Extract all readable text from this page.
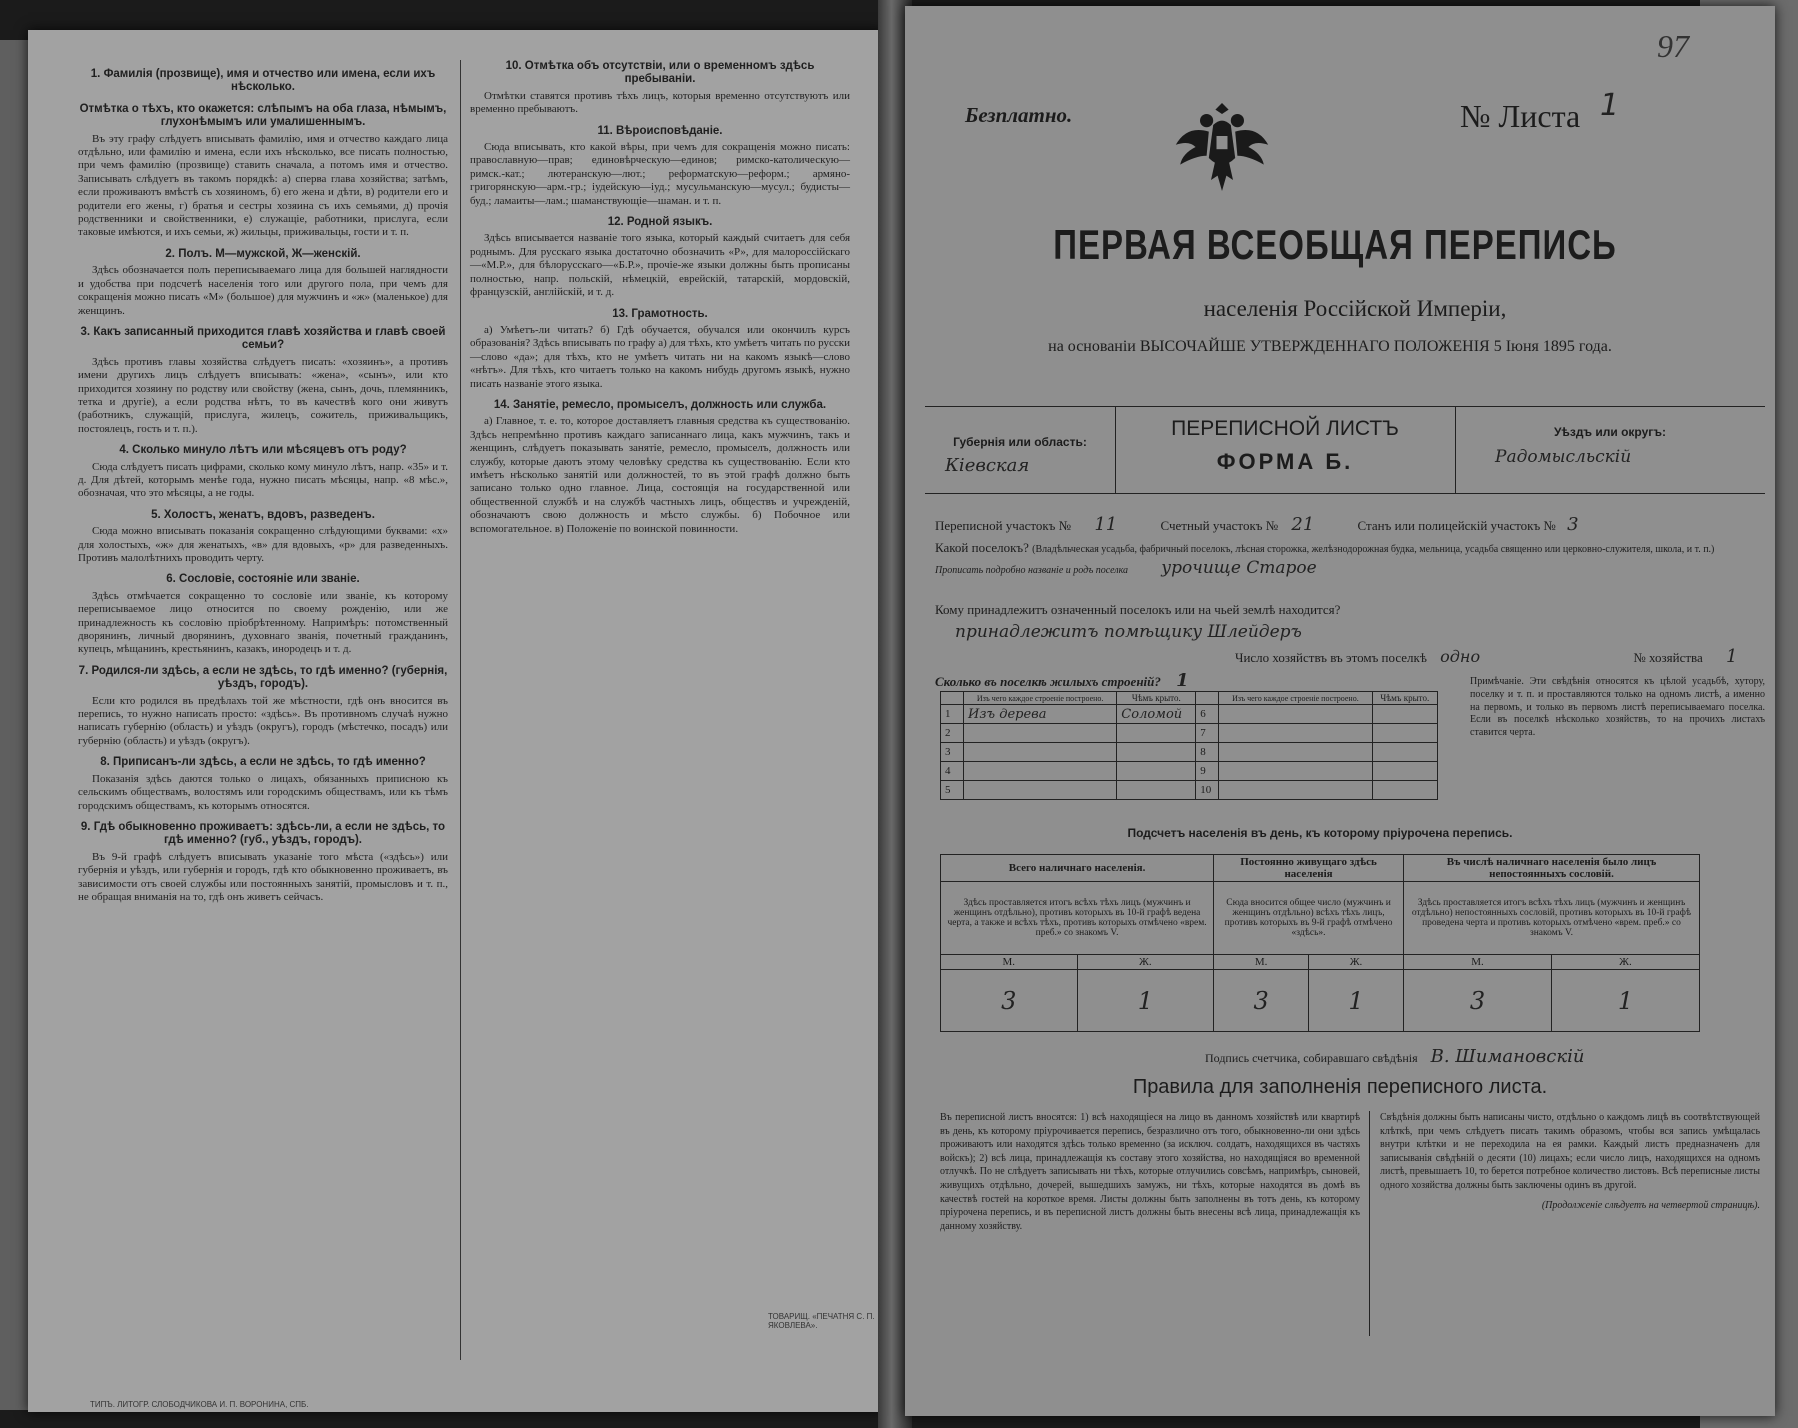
1. Фамилія (прозвище), имя и отчество или имена, если ихъ нѣсколько.
Отмѣтка о тѣхъ, кто окажется: слѣпымъ на оба глаза, нѣмымъ, глухонѣмымъ или умалишеннымъ.

Въ эту графу слѣдуетъ вписывать фамилію, имя и отчество каждаго лица отдѣльно, или фамилію и имена, если ихъ нѣсколько, все писать полностью, при чемъ фамилію (прозвище) ставить сначала, а потомъ имя и отчество. Записывать слѣдуетъ въ такомъ порядкѣ: а) сперва глава хозяйства; затѣмъ, если проживаютъ вмѣстѣ съ хозяиномъ, б) его жена и дѣти, в) родители его и родители его жены, г) братья и сестры хозяина съ ихъ семьями, д) прочія родственники и свойственники, е) служащіе, работники, прислуга, если таковые имѣются, и ихъ семьи, ж) жильцы, приживальцы, гости и т. п.

2. Полъ. М—мужской, Ж—женскій.

Здѣсь обозначается полъ переписываемаго лица для большей наглядности и удобства при подсчетѣ населенія того или другого пола, при чемъ для сокращенія можно писать «М» (большое) для мужчинъ и «ж» (маленькое) для женщинъ.

3. Какъ записанный приходится главѣ хозяйства и главѣ своей семьи?

Здѣсь противъ главы хозяйства слѣдуетъ писать: «хозяинъ», а противъ имени другихъ лицъ слѣдуетъ вписывать: «жена», «сынъ», или кто приходится хозяину по родству или свойству (жена, сынъ, дочь, племянникъ, тетка и другіе), а если родства нѣтъ, то въ качествѣ кого они живутъ (работникъ, служащій, прислуга, жилецъ, сожитель, приживальщикъ, постоялецъ, гость и т. п.).

4. Сколько минуло лѣтъ или мѣсяцевъ отъ роду?

Сюда слѣдуетъ писать цифрами, сколько кому минуло лѣтъ, напр. «35» и т. д. Для дѣтей, которымъ менѣе года, нужно писать мѣсяцы, напр. «8 мѣс.», обозначая, что это мѣсяцы, а не годы.

5. Холостъ, женатъ, вдовъ, разведенъ.

Сюда можно вписывать показанія сокращенно слѣдующими буквами: «х» для холостыхъ, «ж» для женатыхъ, «в» для вдовыхъ, «р» для разведенныхъ. Противъ малолѣтнихъ проводить черту.

6. Сословіе, состояніе или званіе.

Здѣсь отмѣчается сокращенно то сословіе или званіе, къ которому переписываемое лицо относится по своему рожденію, или же принадлежность къ сословію пріобрѣтенному. Напримѣръ: потомственный дворянинъ, личный дворянинъ, духовнаго званія, почетный гражданинъ, купецъ, мѣщанинъ, крестьянинъ, казакъ, инородецъ и т. д.

7. Родился-ли здѣсь, а если не здѣсь, то гдѣ именно? (губернія, уѣздъ, городъ).

Если кто родился въ предѣлахъ той же мѣстности, гдѣ онъ вносится въ перепись, то нужно написать просто: «здѣсь». Въ противномъ случаѣ нужно написать губернію (область) и уѣздъ (округъ), городъ (мѣстечко, посадъ) или губернію (область) и уѣздъ (округъ).

8. Приписанъ-ли здѣсь, а если не здѣсь, то гдѣ именно?

Показанія здѣсь даются только о лицахъ, обязанныхъ приписною къ сельскимъ обществамъ, волостямъ или городскимъ обществамъ, или къ тѣмъ городскимъ обществамъ, къ которымъ относятся.

9. Гдѣ обыкновенно проживаетъ: здѣсь-ли, а если не здѣсь, то гдѣ именно? (губ., уѣздъ, городъ).

Въ 9-й графѣ слѣдуетъ вписывать указаніе того мѣста («здѣсь») или губернія и уѣздъ, или губернія и городъ, гдѣ кто обыкновенно проживаетъ, въ зависимости отъ своей службы или постоянныхъ занятій, промысловъ и т. п., не обращая вниманія на то, гдѣ онъ живетъ сейчасъ.

10. Отмѣтка объ отсутствіи, или о временномъ здѣсь пребываніи.

Отмѣтки ставятся противъ тѣхъ лицъ, которыя временно отсутствуютъ или временно пребываютъ.

11. Вѣроисповѣданіе.

Сюда вписывать, кто какой вѣры, при чемъ для сокращенія можно писать: православную—прав; единовѣрческую—единов; римско-католическую—римск.-кат.; лютеранскую—лют.; реформатскую—реформ.; армяно-григорянскую—арм.-гр.; іудейскую—іуд.; мусульманскую—мусул.; будисты—буд.; ламаиты—лам.; шаманствующіе—шаман. и т. п.

12. Родной языкъ.

Здѣсь вписывается названіе того языка, который каждый считаетъ для себя роднымъ. Для русскаго языка достаточно обозначить «Р», для малороссійскаго—«М.Р.», для бѣлорусскаго—«Б.Р.», прочіе-же языки должны быть прописаны полностью, напр. польскій, нѣмецкій, еврейскій, татарскій, мордовскій, французскій, англійскій, и т. д.

13. Грамотность.

а) Умѣетъ-ли читать? б) Гдѣ обучается, обучался или окончилъ курсъ образованія? Здѣсь вписывать по графу а) для тѣхъ, кто умѣетъ читать по русски—слово «да»; для тѣхъ, кто не умѣетъ читать ни на какомъ языкѣ—слово «нѣтъ». Для тѣхъ, кто читаетъ только на какомъ нибудь другомъ языкѣ, нужно писать названіе этого языка.

14. Занятіе, ремесло, промыселъ, должность или служба.

а) Главное, т. е. то, которое доставляетъ главныя средства къ существованію. Здѣсь непремѣнно противъ каждаго записаннаго лица, какъ мужчинъ, такъ и женщинъ, слѣдуетъ показывать занятіе, ремесло, промыселъ, должность или службу, которые даютъ этому человѣку средства къ существованію. Если кто имѣетъ нѣсколько занятій или должностей, то въ этой графѣ должно быть записано только одно главное. Лица, состоящія на государственной или общественной службѣ и на службѣ частныхъ лицъ, обществъ и учрежденій, обозначаютъ свою должность и мѣсто службы. б) Побочное или вспомогательное. в) Положеніе по воинской повинности.

ТИПЪ. ЛИТОГР. СЛОБОДЧИКОВА И. П. ВОРОНИНА, СПБ.
ТОВАРИЩ. «ПЕЧАТНЯ С. П. ЯКОВЛЕВА».
97
Безплатно.	№ Листа 1
ПЕРВАЯ ВСЕОБЩАЯ ПЕРЕПИСЬ
населенія Россійской Имперіи,
на основаніи ВЫСОЧАЙШЕ УТВЕРЖДЕННАГО ПОЛОЖЕНІЯ 5 Іюня 1895 года.
Губернія или область:
Кіевская
ПЕРЕПИСНОЙ ЛИСТЪ
ФОРМА Б.
Уѣздъ или округъ:
Радомысльскій
Переписной участокъ № 11	Счетный участокъ № 21	Станъ или полицейскій участокъ № 3
Какой поселокъ? (Владѣльческая усадьба, фабричный поселокъ, лѣсная сторожка, желѣзнодорожная будка, мельница, усадьба священно или церковно-служителя, школа, и т. п.)
Прописать подробно названіе и родъ поселка урочище Старое
Кому принадлежитъ означенный поселокъ или на чьей землѣ находится?
принадлежитъ помѣщику Шлейдеръ
Число хозяйствъ въ этомъ поселкѣ одно	№ хозяйства 1
Сколько въ поселкѣ жилыхъ строеній? 1
	Изъ чего каждое строеніе построено.	Чѣмъ крыто.		Изъ чего каждое строеніе построено.	Чѣмъ крыто.
1	Изъ дерева	Соломой	6		
2			7		
3			8		
4			9		
5			10		
Примѣчаніе. Эти свѣдѣнія относятся къ цѣлой усадьбѣ, хутору, поселку и т. п. и проставляются только на одномъ листѣ, а именно на первомъ, и только въ первомъ листѣ переписываемаго поселка. Если въ поселкѣ нѣсколько хозяйствъ, то на прочихъ листахъ ставится черта.
Подсчетъ населенія въ день, къ которому пріурочена перепись.
Всего наличнаго населенія.		Постоянно живущаго здѣсь населенія		Въ числѣ наличнаго населенія было лицъ непостоянныхъ сословій.	
Здѣсь проставляется итогъ всѣхъ тѣхъ лицъ (мужчинъ и женщинъ отдѣльно), противъ которыхъ въ 10-й графѣ ведена черта, а также и всѣхъ тѣхъ, противъ которыхъ отмѣчено «врем. преб.» со знакомъ V.		Сюда вносится общее число (мужчинъ и женщинъ отдѣльно) всѣхъ тѣхъ лицъ, противъ которыхъ въ 9-й графѣ отмѣчено «здѣсь».		Здѣсь проставляется итогъ всѣхъ тѣхъ лицъ (мужчинъ и женщинъ отдѣльно) непостоянныхъ сословій, противъ которыхъ въ 10-й графѣ проведена черта и противъ которыхъ отмѣчено «врем. преб.» со знакомъ V.	
М.	Ж.	М.	Ж.	М.	Ж.
3	1	3	1	3	1
Подпись счетчика, собиравшаго свѣдѣнія В. Шимановскій
Правила для заполненія переписного листа.
Въ переписной листъ вносятся: 1) всѣ находящіеся на лицо въ данномъ хозяйствѣ или квартирѣ въ день, къ которому пріурочивается перепись, безразлично отъ того, обыкновенно-ли они здѣсь проживаютъ или находятся здѣсь только временно (за исключ. солдатъ, находящихся въ частяхъ войскъ); 2) всѣ лица, принадлежащія къ составу этого хозяйства, но находящіяся во временной отлучкѣ. По не слѣдуетъ записывать ни тѣхъ, которые отлучились совсѣмъ, напримѣръ, сыновей, живущихъ отдѣльно, дочерей, вышедшихъ замужъ, ни тѣхъ, которые находятся въ домѣ въ качествѣ гостей на короткое время. Листы должны быть заполнены въ тотъ день, къ которому пріурочена перепись, и въ переписной листъ должны быть внесены всѣ лица, принадлежащія къ данному хозяйству.
Свѣдѣнія должны быть написаны чисто, отдѣльно о каждомъ лицѣ въ соотвѣтствующей клѣткѣ, при чемъ слѣдуетъ писать такимъ образомъ, чтобы вся запись умѣщалась внутри клѣтки и не переходила на ея рамки. Каждый листъ предназначенъ для записыванія свѣдѣній о десяти (10) лицахъ; если число лицъ, находящихся на одномъ листѣ, превышаетъ 10, то берется потребное количество листовъ. Всѣ переписные листы одного хозяйства должны быть заключены одинъ въ другой.
(Продолженіе слѣдуетъ на четвертой страницѣ).
